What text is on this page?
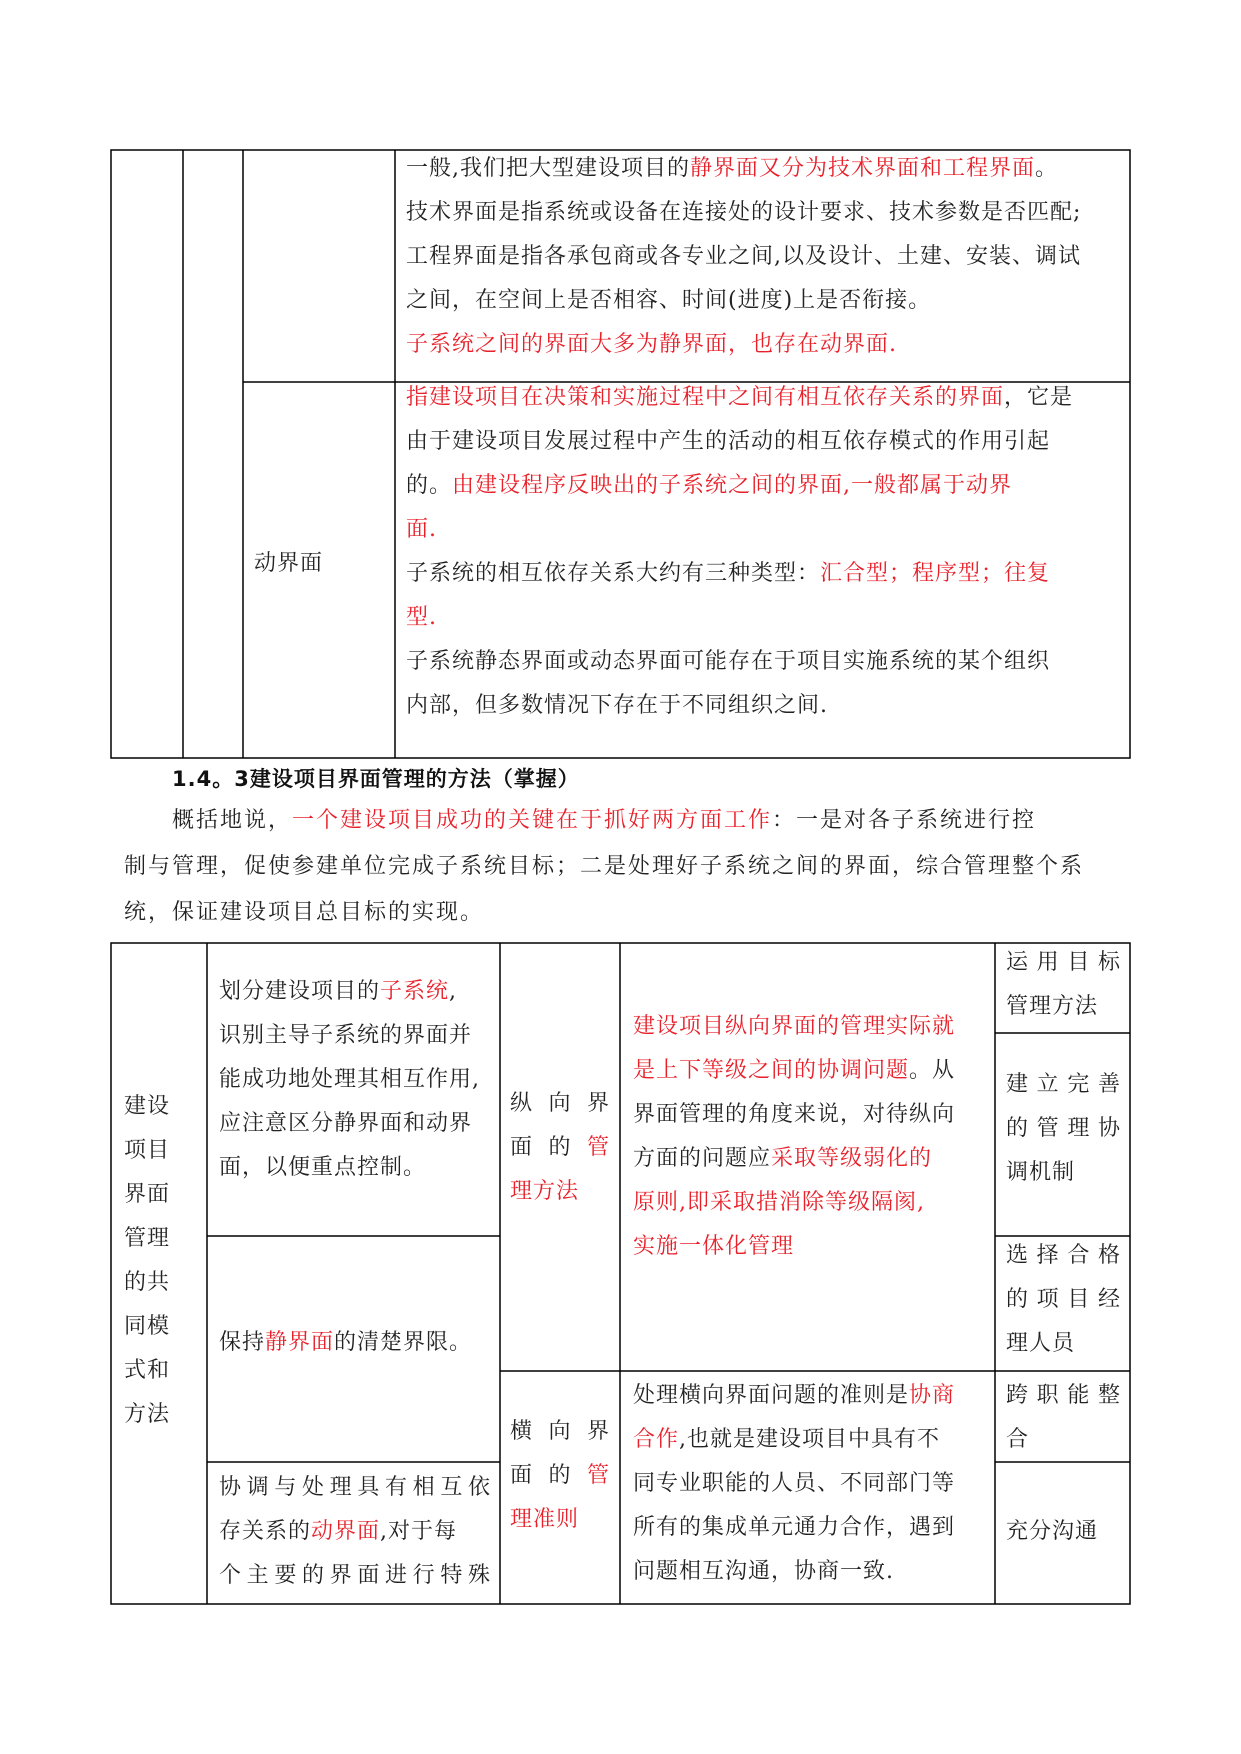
一般,我们把大型建设项目的静界面又分为技术界面和工程界面。

技术界面是指系统或设备在连接处的设计要求、技术参数是否匹配;

工程界面是指各承包商或各专业之间,以及设计、土建、安装、调试

之间，在空间上是否相容、时间(进度)上是否衔接。

子系统之间的界面大多为静界面，也存在动界面.

动界面

指建设项目在决策和实施过程中之间有相互依存关系的界面，它是

由于建设项目发展过程中产生的活动的相互依存模式的作用引起

的。由建设程序反映出的子系统之间的界面,一般都属于动界

面.

子系统的相互依存关系大约有三种类型：汇合型；程序型；往复

型.

子系统静态界面或动态界面可能存在于项目实施系统的某个组织

内部，但多数情况下存在于不同组织之间.

1.4。3建设项目界面管理的方法（掌握）

概括地说，一个建设项目成功的关键在于抓好两方面工作：一是对各子系统进行控

制与管理，促使参建单位完成子系统目标；二是处理好子系统之间的界面，综合管理整个系

统，保证建设项目总目标的实现。

建设

项目

界面

管理

的共

同模

式和

方法

划分建设项目的子系统,

识别主导子系统的界面并

能成功地处理其相互作用,

应注意区分静界面和动界

面，以便重点控制。

保持静界面的清楚界限。

协调与处理具有相互依

存关系的动界面,对于每

个主要的界面进行特殊

纵向界

面的管

理方法

横向界

面的管

理准则

建设项目纵向界面的管理实际就

是上下等级之间的协调问题。从

界面管理的角度来说，对待纵向

方面的问题应采取等级弱化的

原则,即采取措消除等级隔阂,

实施一体化管理

处理横向界面问题的准则是协商

合作,也就是建设项目中具有不

同专业职能的人员、不同部门等

所有的集成单元通力合作，遇到

问题相互沟通，协商一致.

运用目标

管理方法

建立完善

的管理协

调机制

选择合格

的项目经

理人员

跨职能整

合

充分沟通
